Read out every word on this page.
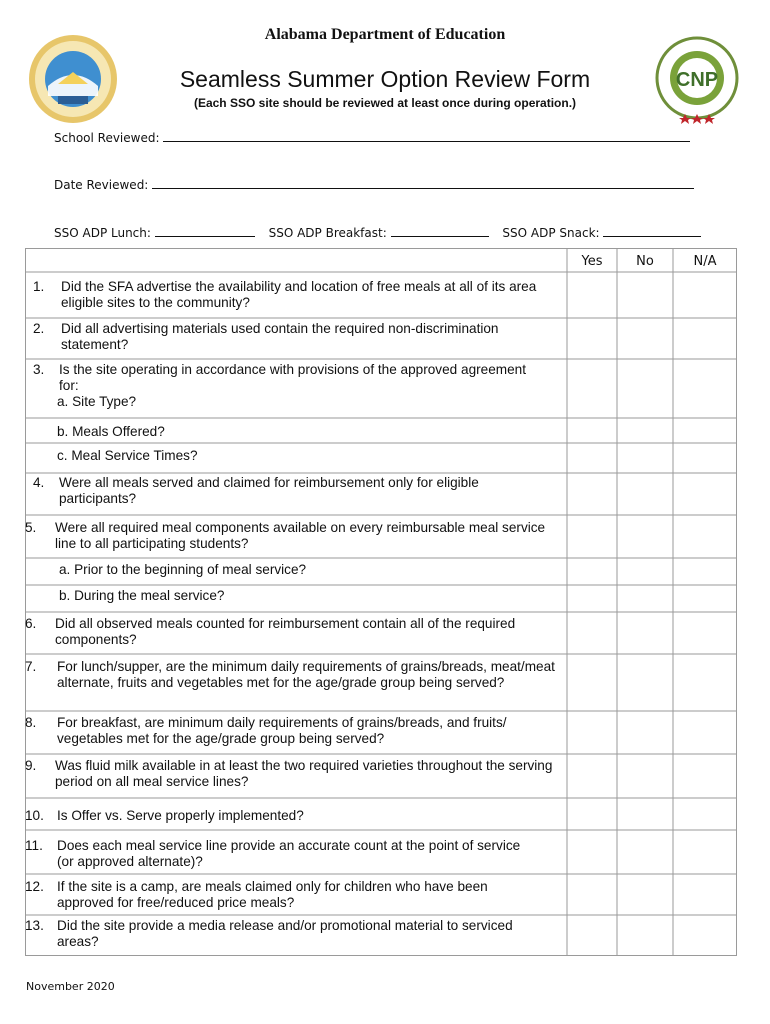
CNP
Alabama Department of Education
Seamless Summer Option Review Form
(Each SSO site should be reviewed at least once during operation.)
School Reviewed:
Date Reviewed:
SSO ADP Lunch:	SSO ADP Breakfast:	SSO ADP Snack:
Yes	No	N/A
1. Did the SFA advertise the availability and location of free meals at all of its area eligible sites to the community?
2. Did all advertising materials used contain the required non-discrimination statement?
3. Is the site operating in accordance with provisions of the approved agreement for:
a. Site Type?
b. Meals Offered?
c. Meal Service Times?
4. Were all meals served and claimed for reimbursement only for eligible participants?
5. Were all required meal components available on every reimbursable meal service line to all participating students?
a. Prior to the beginning of meal service?
b. During the meal service?
6. Did all observed meals counted for reimbursement contain all of the required components?
7. For lunch/supper, are the minimum daily requirements of grains/breads, meat/meat alternate, fruits and vegetables met for the age/grade group being served?
8. For breakfast, are minimum daily requirements of grains/breads, and fruits/ vegetables met for the age/grade group being served?
9. Was fluid milk available in at least the two required varieties throughout the serving period on all meal service lines?
10. Is Offer vs. Serve properly implemented?
11. Does each meal service line provide an accurate count at the point of service (or approved alternate)?
12. If the site is a camp, are meals claimed only for children who have been approved for free/reduced price meals?
13. Did the site provide a media release and/or promotional material to serviced areas?
November 2020
